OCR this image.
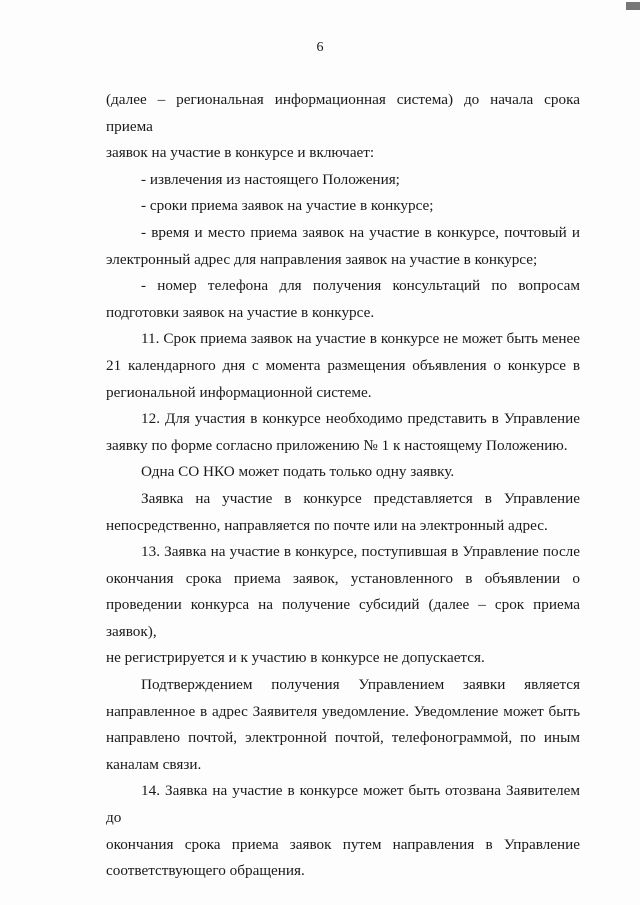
6
(далее – региональная информационная система) до начала срока приема
заявок на участие в конкурсе и включает:
- извлечения из настоящего Положения;
- сроки приема заявок на участие в конкурсе;
- время и место приема заявок на участие в конкурсе, почтовый и
электронный адрес для направления заявок на участие в конкурсе;
- номер телефона для получения консультаций по вопросам
подготовки заявок на участие в конкурсе.
11. Срок приема заявок на участие в конкурсе не может быть менее
21 календарного дня с момента размещения объявления о конкурсе в
региональной информационной системе.
12. Для участия в конкурсе необходимо представить в Управление
заявку по форме согласно приложению № 1 к настоящему Положению.
Одна СО НКО может подать только одну заявку.
Заявка на участие в конкурсе представляется в Управление
непосредственно, направляется по почте или на электронный адрес.
13. Заявка на участие в конкурсе, поступившая в Управление после
окончания срока приема заявок, установленного в объявлении о
проведении конкурса на получение субсидий (далее – срок приема заявок),
не регистрируется и к участию в конкурсе не допускается.
Подтверждением получения Управлением заявки является
направленное в адрес Заявителя уведомление. Уведомление может быть
направлено почтой, электронной почтой, телефонограммой, по иным
каналам связи.
14. Заявка на участие в конкурсе может быть отозвана Заявителем до
окончания срока приема заявок путем направления в Управление
соответствующего обращения.
